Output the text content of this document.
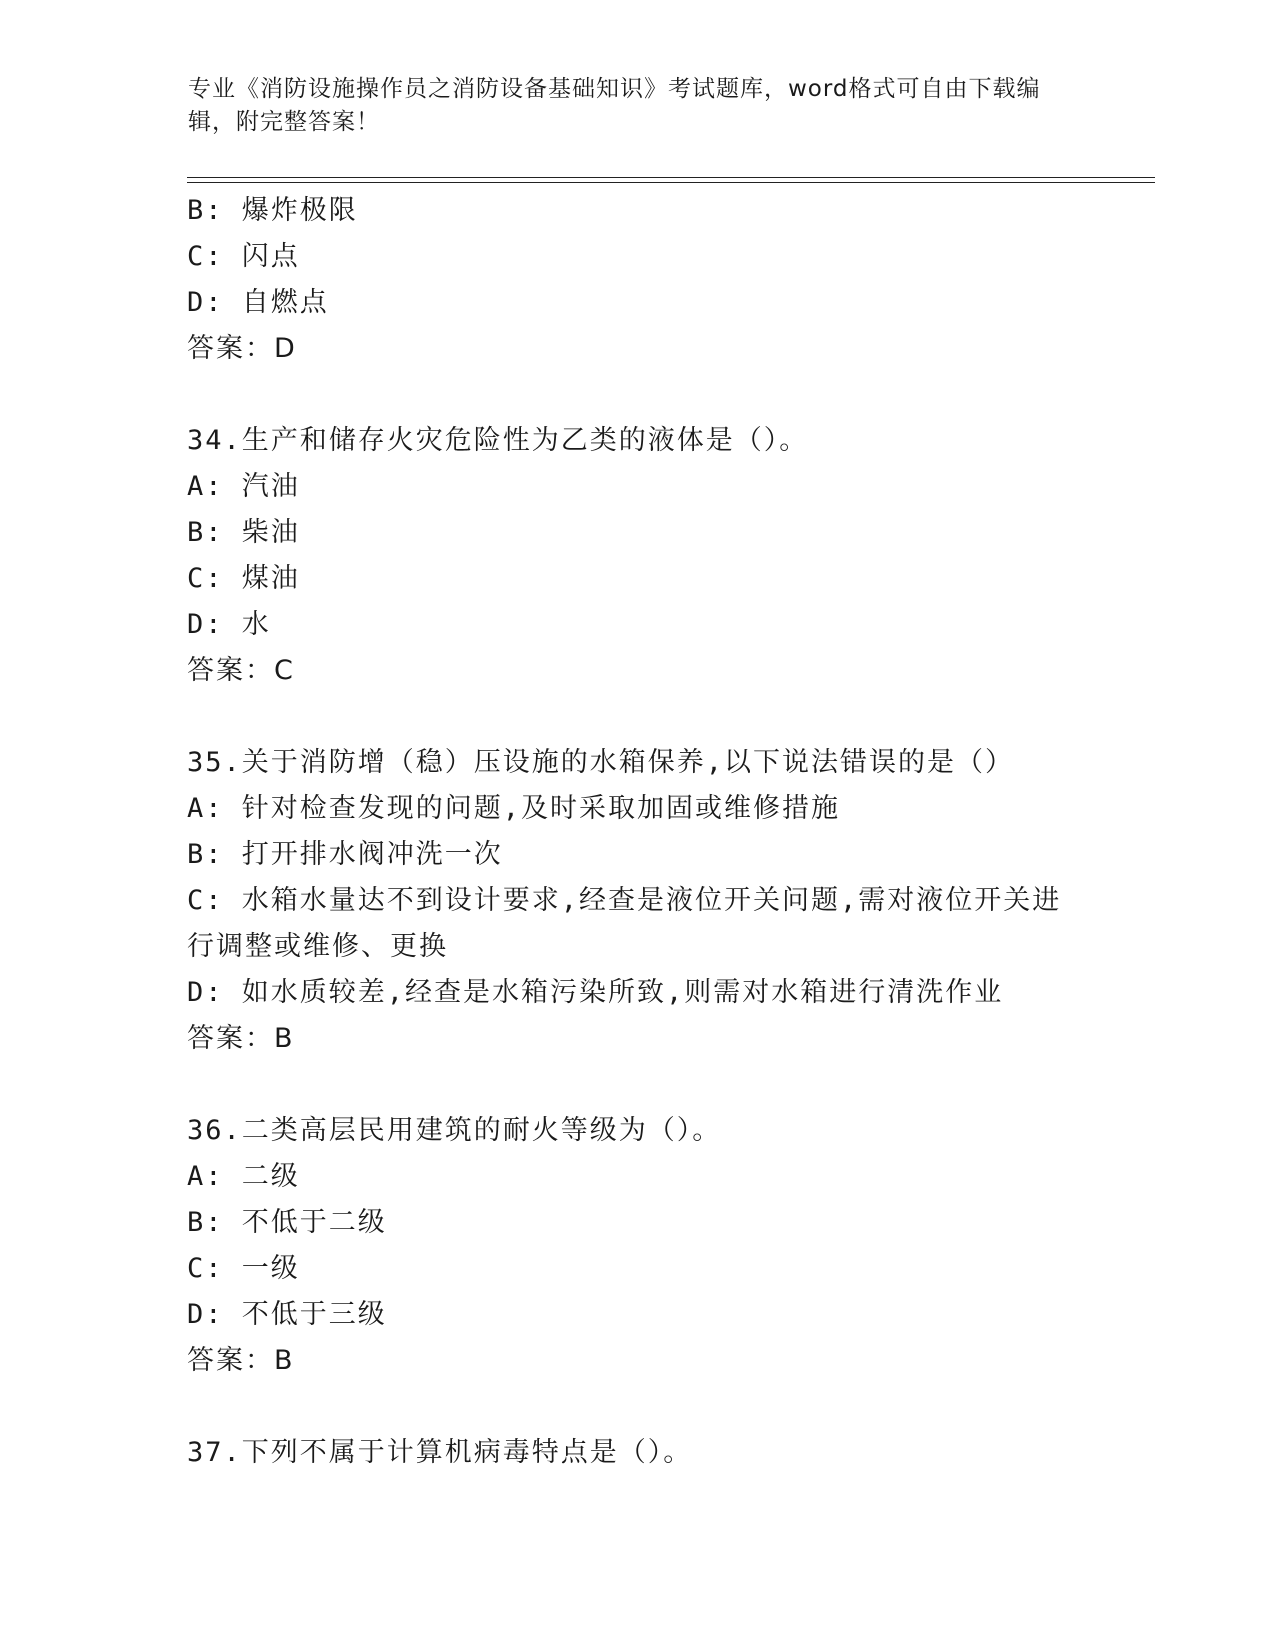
专业《消防设施操作员之消防设备基础知识》考试题库，word格式可自由下载编辑，附完整答案！
B: 爆炸极限
C: 闪点
D: 自燃点
答案：D
34.生产和储存火灾危险性为乙类的液体是（）。
A: 汽油
B: 柴油
C: 煤油
D: 水
答案：C
35.关于消防增（稳）压设施的水箱保养,以下说法错误的是（）
A: 针对检查发现的问题,及时采取加固或维修措施
B: 打开排水阀冲洗一次
C: 水箱水量达不到设计要求,经查是液位开关问题,需对液位开关进行调整或维修、更换
D: 如水质较差,经查是水箱污染所致,则需对水箱进行清洗作业
答案：B
36.二类高层民用建筑的耐火等级为（）。
A: 二级
B: 不低于二级
C: 一级
D: 不低于三级
答案：B
37.下列不属于计算机病毒特点是（）。
